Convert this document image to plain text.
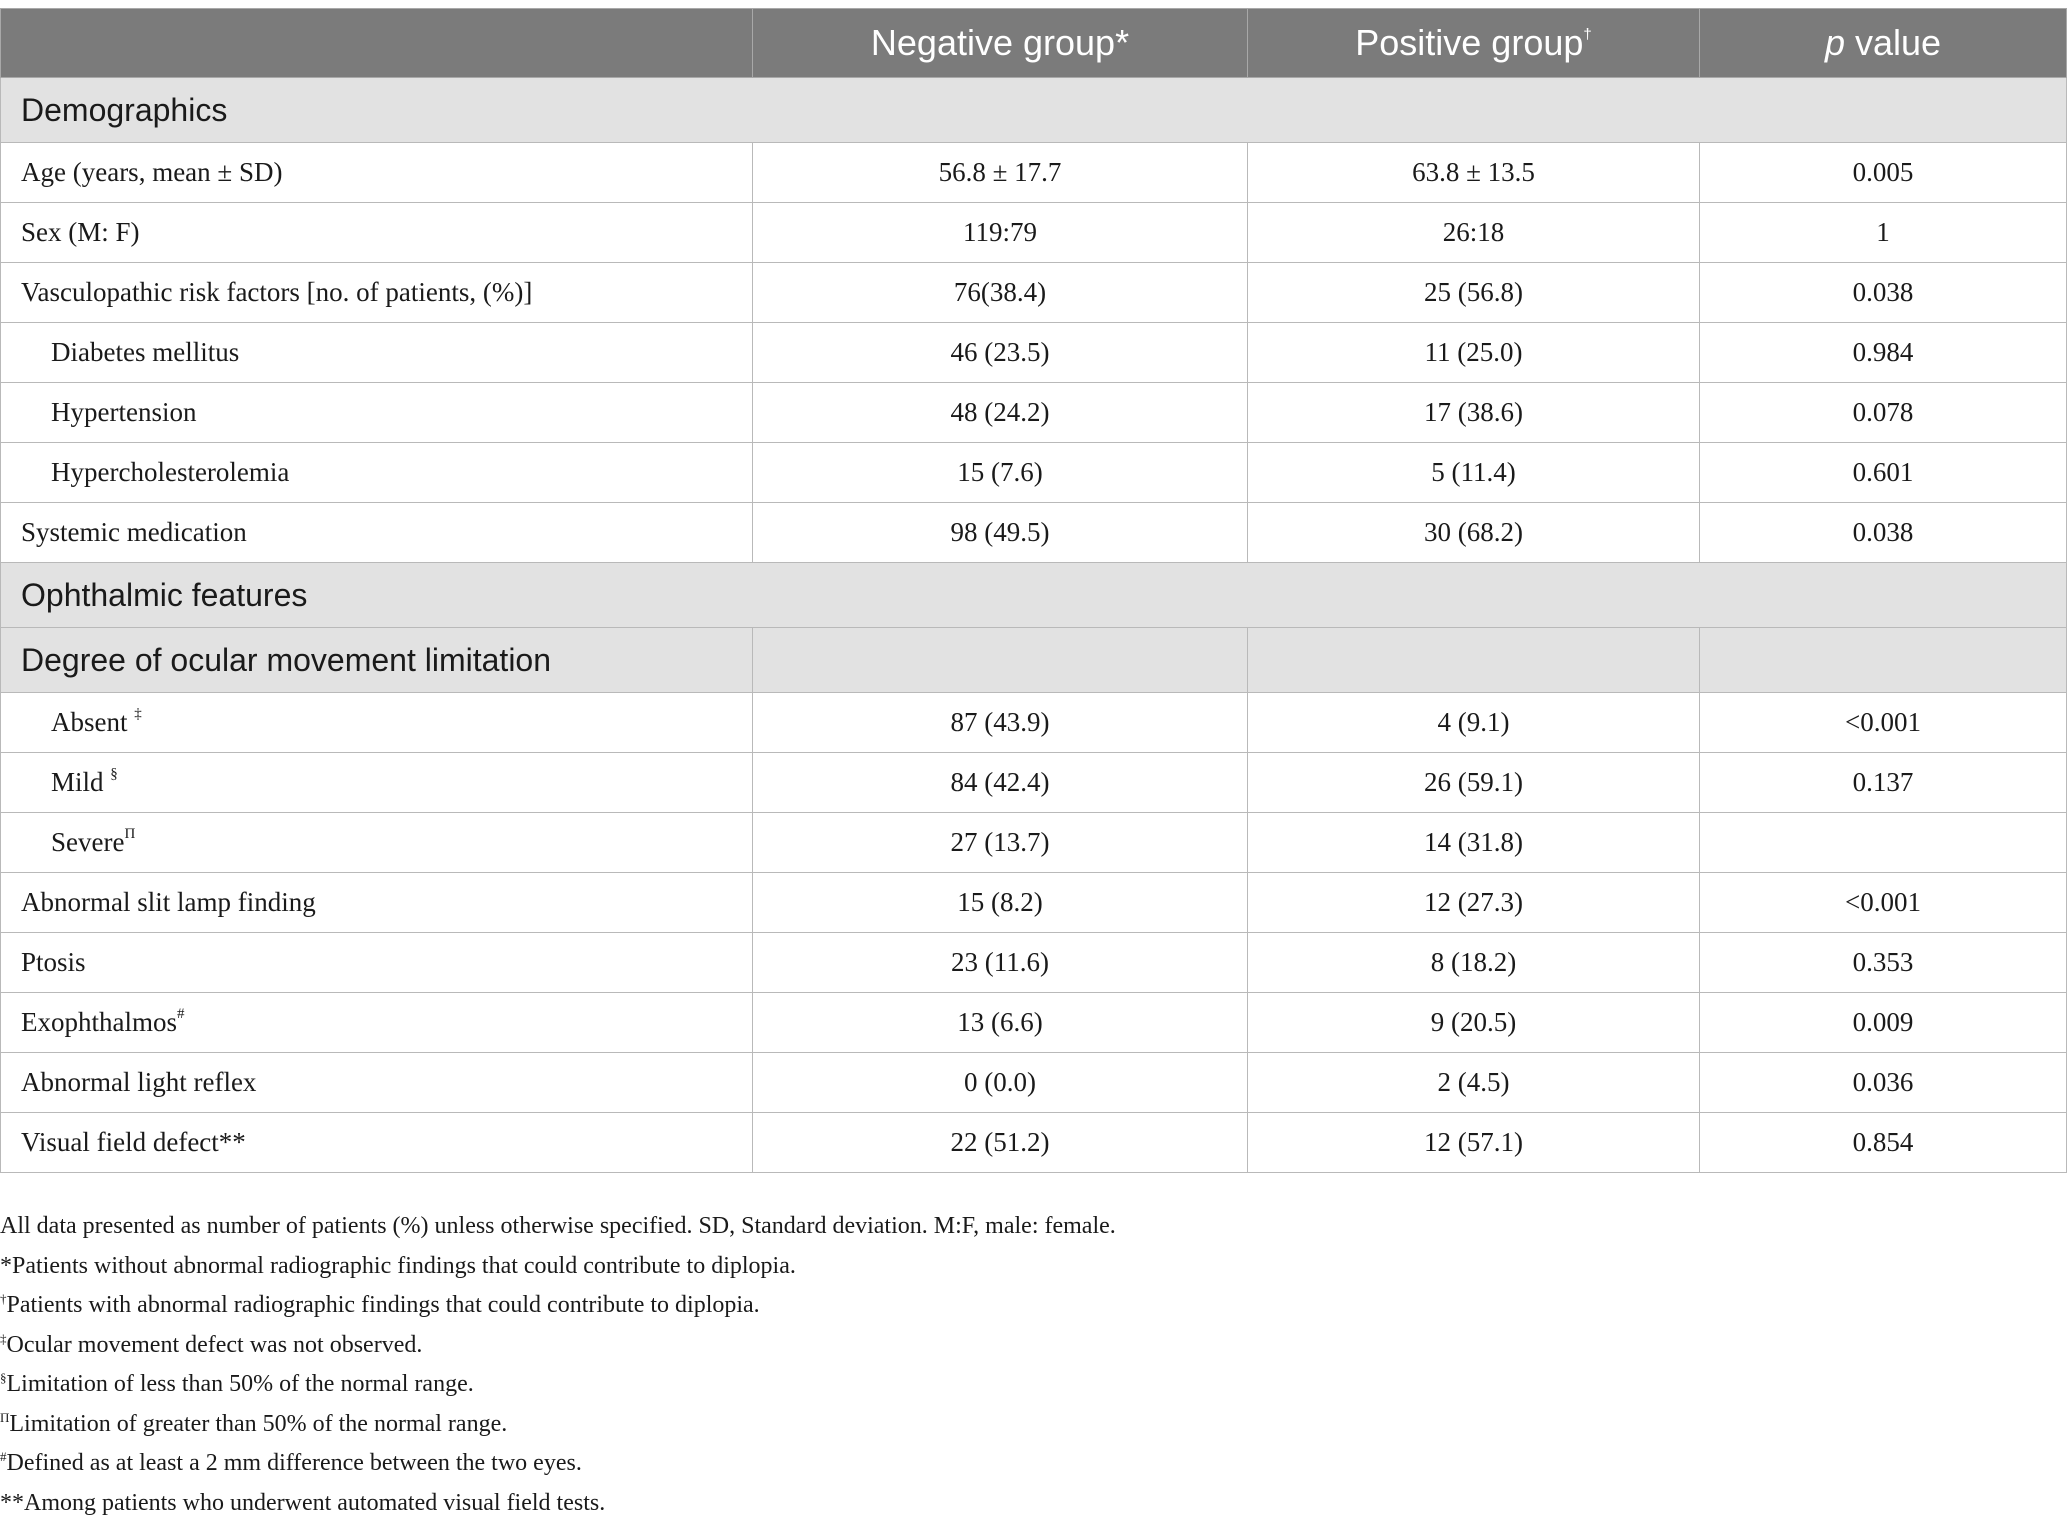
	Negative group*	Positive group†	p value
Demographics			
Age (years, mean ± SD)	56.8 ± 17.7	63.8 ± 13.5	0.005
Sex (M: F)	119:79	26:18	1
Vasculopathic risk factors [no. of patients, (%)]	76(38.4)	25 (56.8)	0.038
Diabetes mellitus	46 (23.5)	11 (25.0)	0.984
Hypertension	48 (24.2)	17 (38.6)	0.078
Hypercholesterolemia	15 (7.6)	5 (11.4)	0.601
Systemic medication	98 (49.5)	30 (68.2)	0.038
Ophthalmic features			
Degree of ocular movement limitation			
Absent ‡	87 (43.9)	4 (9.1)	<0.001
Mild §	84 (42.4)	26 (59.1)	0.137
Severe$^\Pi$	27 (13.7)	14 (31.8)	
Abnormal slit lamp finding	15 (8.2)	12 (27.3)	<0.001
Ptosis	23 (11.6)	8 (18.2)	0.353
Exophthalmos#	13 (6.6)	9 (20.5)	0.009
Abnormal light reflex	0 (0.0)	2 (4.5)	0.036
Visual field defect**	22 (51.2)	12 (57.1)	0.854
All data presented as number of patients (%) unless otherwise specified. SD, Standard deviation. M:F, male: female.
*Patients without abnormal radiographic findings that could contribute to diplopia.
†Patients with abnormal radiographic findings that could contribute to diplopia.
‡Ocular movement defect was not observed.
§Limitation of less than 50% of the normal range.
$^\Pi$Limitation of greater than 50% of the normal range.
#Defined as at least a 2 mm difference between the two eyes.
**Among patients who underwent automated visual field tests.
